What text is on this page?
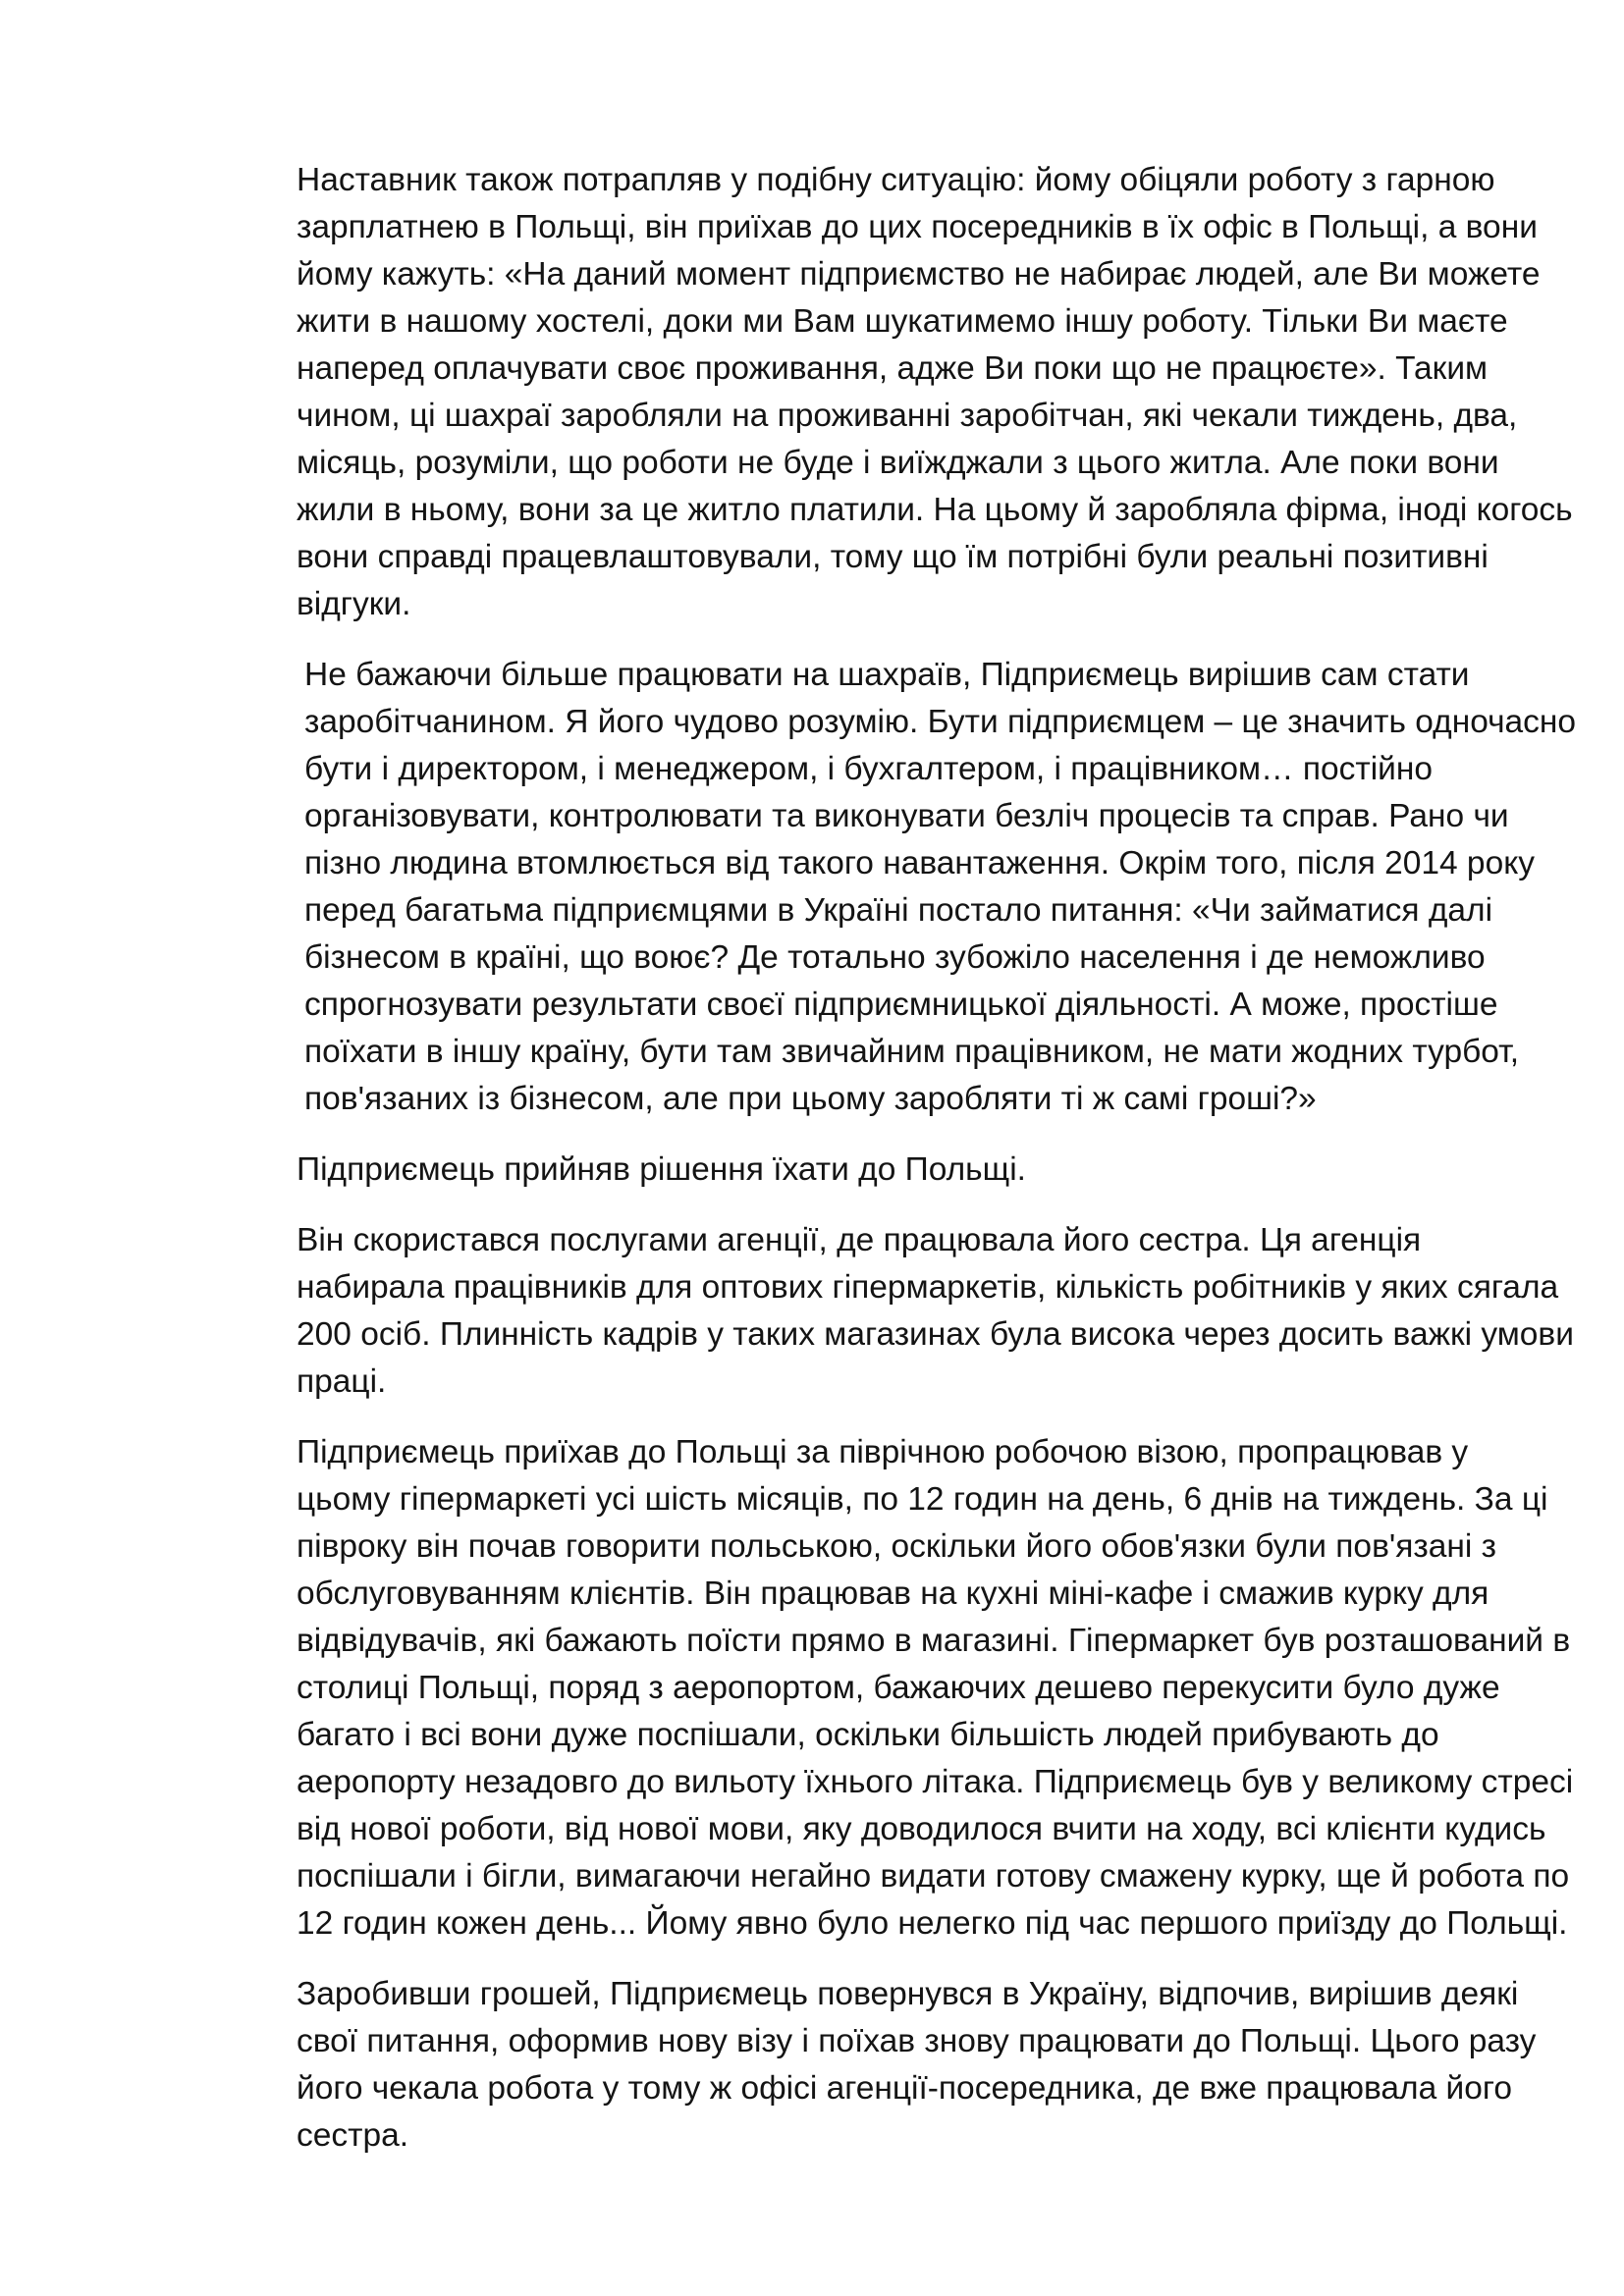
Наставник також потрапляв у подібну ситуацію: йому обіцяли роботу з гарною
зарплатнею в Польщі, він приїхав до цих посередників в їх офіс в Польщі, а вони
йому кажуть: «На даний момент підприємство не набирає людей, але Ви можете
жити в нашому хостелі, доки ми Вам шукатимемо іншу роботу. Тільки Ви маєте
наперед оплачувати своє проживання, адже Ви поки що не працюєте». Таким
чином, ці шахраї заробляли на проживанні заробітчан, які чекали тиждень, два,
місяць, розуміли, що роботи не буде і виїжджали з цього житла. Але поки вони
жили в ньому, вони за це житло платили. На цьому й заробляла фірма, іноді когось
вони справді працевлаштовували, тому що їм потрібні були реальні позитивні
відгуки.

Не бажаючи більше працювати на шахраїв, Підприємець вирішив сам стати
заробітчанином. Я його чудово розумію. Бути підприємцем – це значить одночасно
бути і директором, і менеджером, і бухгалтером, і працівником… постійно
організовувати, контролювати та виконувати безліч процесів та справ. Рано чи
пізно людина втомлюється від такого навантаження. Окрім того, після 2014 року
перед багатьма підприємцями в Україні постало питання: «Чи займатися далі
бізнесом в країні, що воює? Де тотально зубожіло населення і де неможливо
спрогнозувати результати своєї підприємницької діяльності. А може, простіше
поїхати в іншу країну, бути там звичайним працівником, не мати жодних турбот,
пов'язаних із бізнесом, але при цьому заробляти ті ж самі гроші?»

Підприємець прийняв рішення їхати до Польщі.

Він скористався послугами агенції, де працювала його сестра. Ця агенція
набирала працівників для оптових гіпермаркетів, кількість робітників у яких сягала
200 осіб. Плинність кадрів у таких магазинах була висока через досить важкі умови
праці.

Підприємець приїхав до Польщі за піврічною робочою візою, пропрацював у
цьому гіпермаркеті усі шість місяців, по 12 годин на день, 6 днів на тиждень. За ці
півроку він почав говорити польською, оскільки його обов'язки були пов'язані з
обслуговуванням клієнтів. Він працював на кухні міні-кафе і смажив курку для
відвідувачів, які бажають поїсти прямо в магазині. Гіпермаркет був розташований в
столиці Польщі, поряд з аеропортом, бажаючих дешево перекусити було дуже
багато і всі вони дуже поспішали, оскільки більшість людей прибувають до
аеропорту незадовго до вильоту їхнього літака. Підприємець був у великому стресі
від нової роботи, від нової мови, яку доводилося вчити на ходу, всі клієнти кудись
поспішали і бігли, вимагаючи негайно видати готову смажену курку, ще й робота по
12 годин кожен день... Йому явно було нелегко під час першого приїзду до Польщі.

Заробивши грошей, Підприємець повернувся в Україну, відпочив, вирішив деякі
свої питання, оформив нову візу і поїхав знову працювати до Польщі. Цього разу
його чекала робота у тому ж офісі агенції-посередника, де вже працювала його
сестра.
